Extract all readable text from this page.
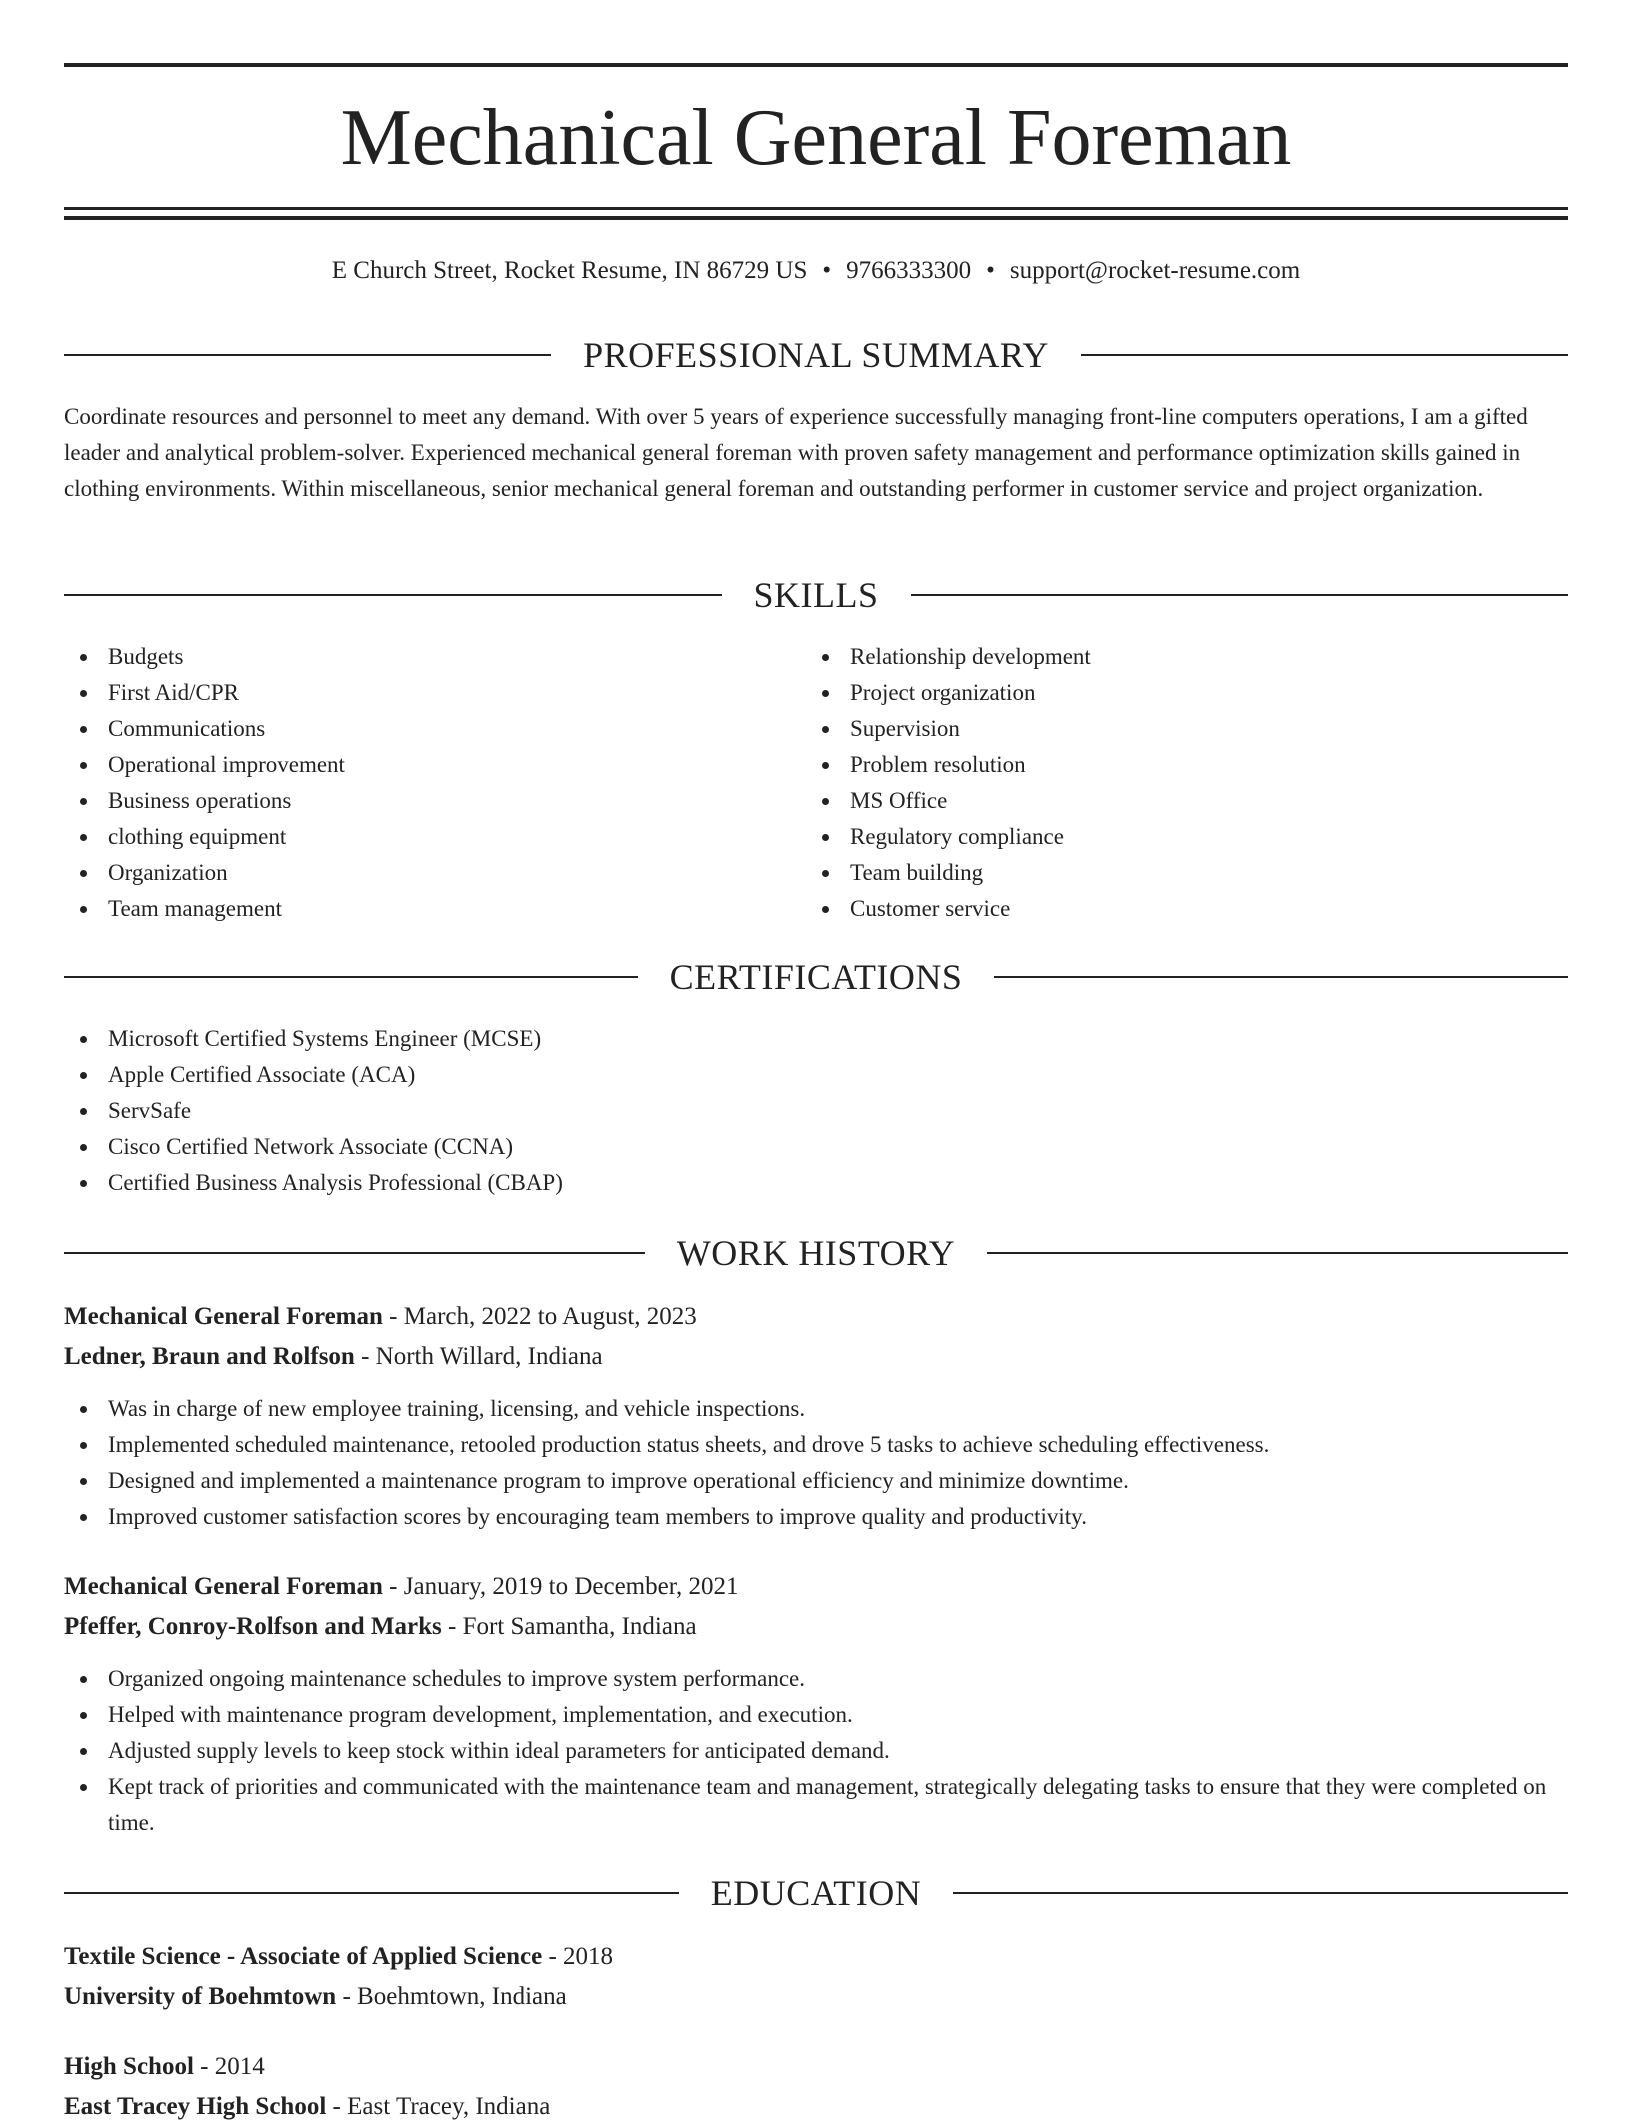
Mechanical General Foreman
E Church Street, Rocket Resume, IN 86729 US • 9766333300 • support@rocket-resume.com
PROFESSIONAL SUMMARY

Coordinate resources and personnel to meet any demand. With over 5 years of experience successfully managing front-line computers operations, I am a gifted leader and analytical problem-solver. Experienced mechanical general foreman with proven safety management and performance optimization skills gained in clothing environments. Within miscellaneous, senior mechanical general foreman and outstanding performer in customer service and project organization.

SKILLS
Budgets
First Aid/CPR
Communications
Operational improvement
Business operations
clothing equipment
Organization
Team management
Relationship development
Project organization
Supervision
Problem resolution
MS Office
Regulatory compliance
Team building
Customer service
CERTIFICATIONS
Microsoft Certified Systems Engineer (MCSE)
Apple Certified Associate (ACA)
ServSafe
Cisco Certified Network Associate (CCNA)
Certified Business Analysis Professional (CBAP)
WORK HISTORY
Mechanical General Foreman - March, 2022 to August, 2023
Ledner, Braun and Rolfson - North Willard, Indiana
Was in charge of new employee training, licensing, and vehicle inspections.
Implemented scheduled maintenance, retooled production status sheets, and drove 5 tasks to achieve scheduling effectiveness.
Designed and implemented a maintenance program to improve operational efficiency and minimize downtime.
Improved customer satisfaction scores by encouraging team members to improve quality and productivity.
Mechanical General Foreman - January, 2019 to December, 2021
Pfeffer, Conroy-Rolfson and Marks - Fort Samantha, Indiana
Organized ongoing maintenance schedules to improve system performance.
Helped with maintenance program development, implementation, and execution.
Adjusted supply levels to keep stock within ideal parameters for anticipated demand.
Kept track of priorities and communicated with the maintenance team and management, strategically delegating tasks to ensure that they were completed on time.
EDUCATION
Textile Science - Associate of Applied Science - 2018
University of Boehmtown - Boehmtown, Indiana
High School - 2014
East Tracey High School - East Tracey, Indiana
